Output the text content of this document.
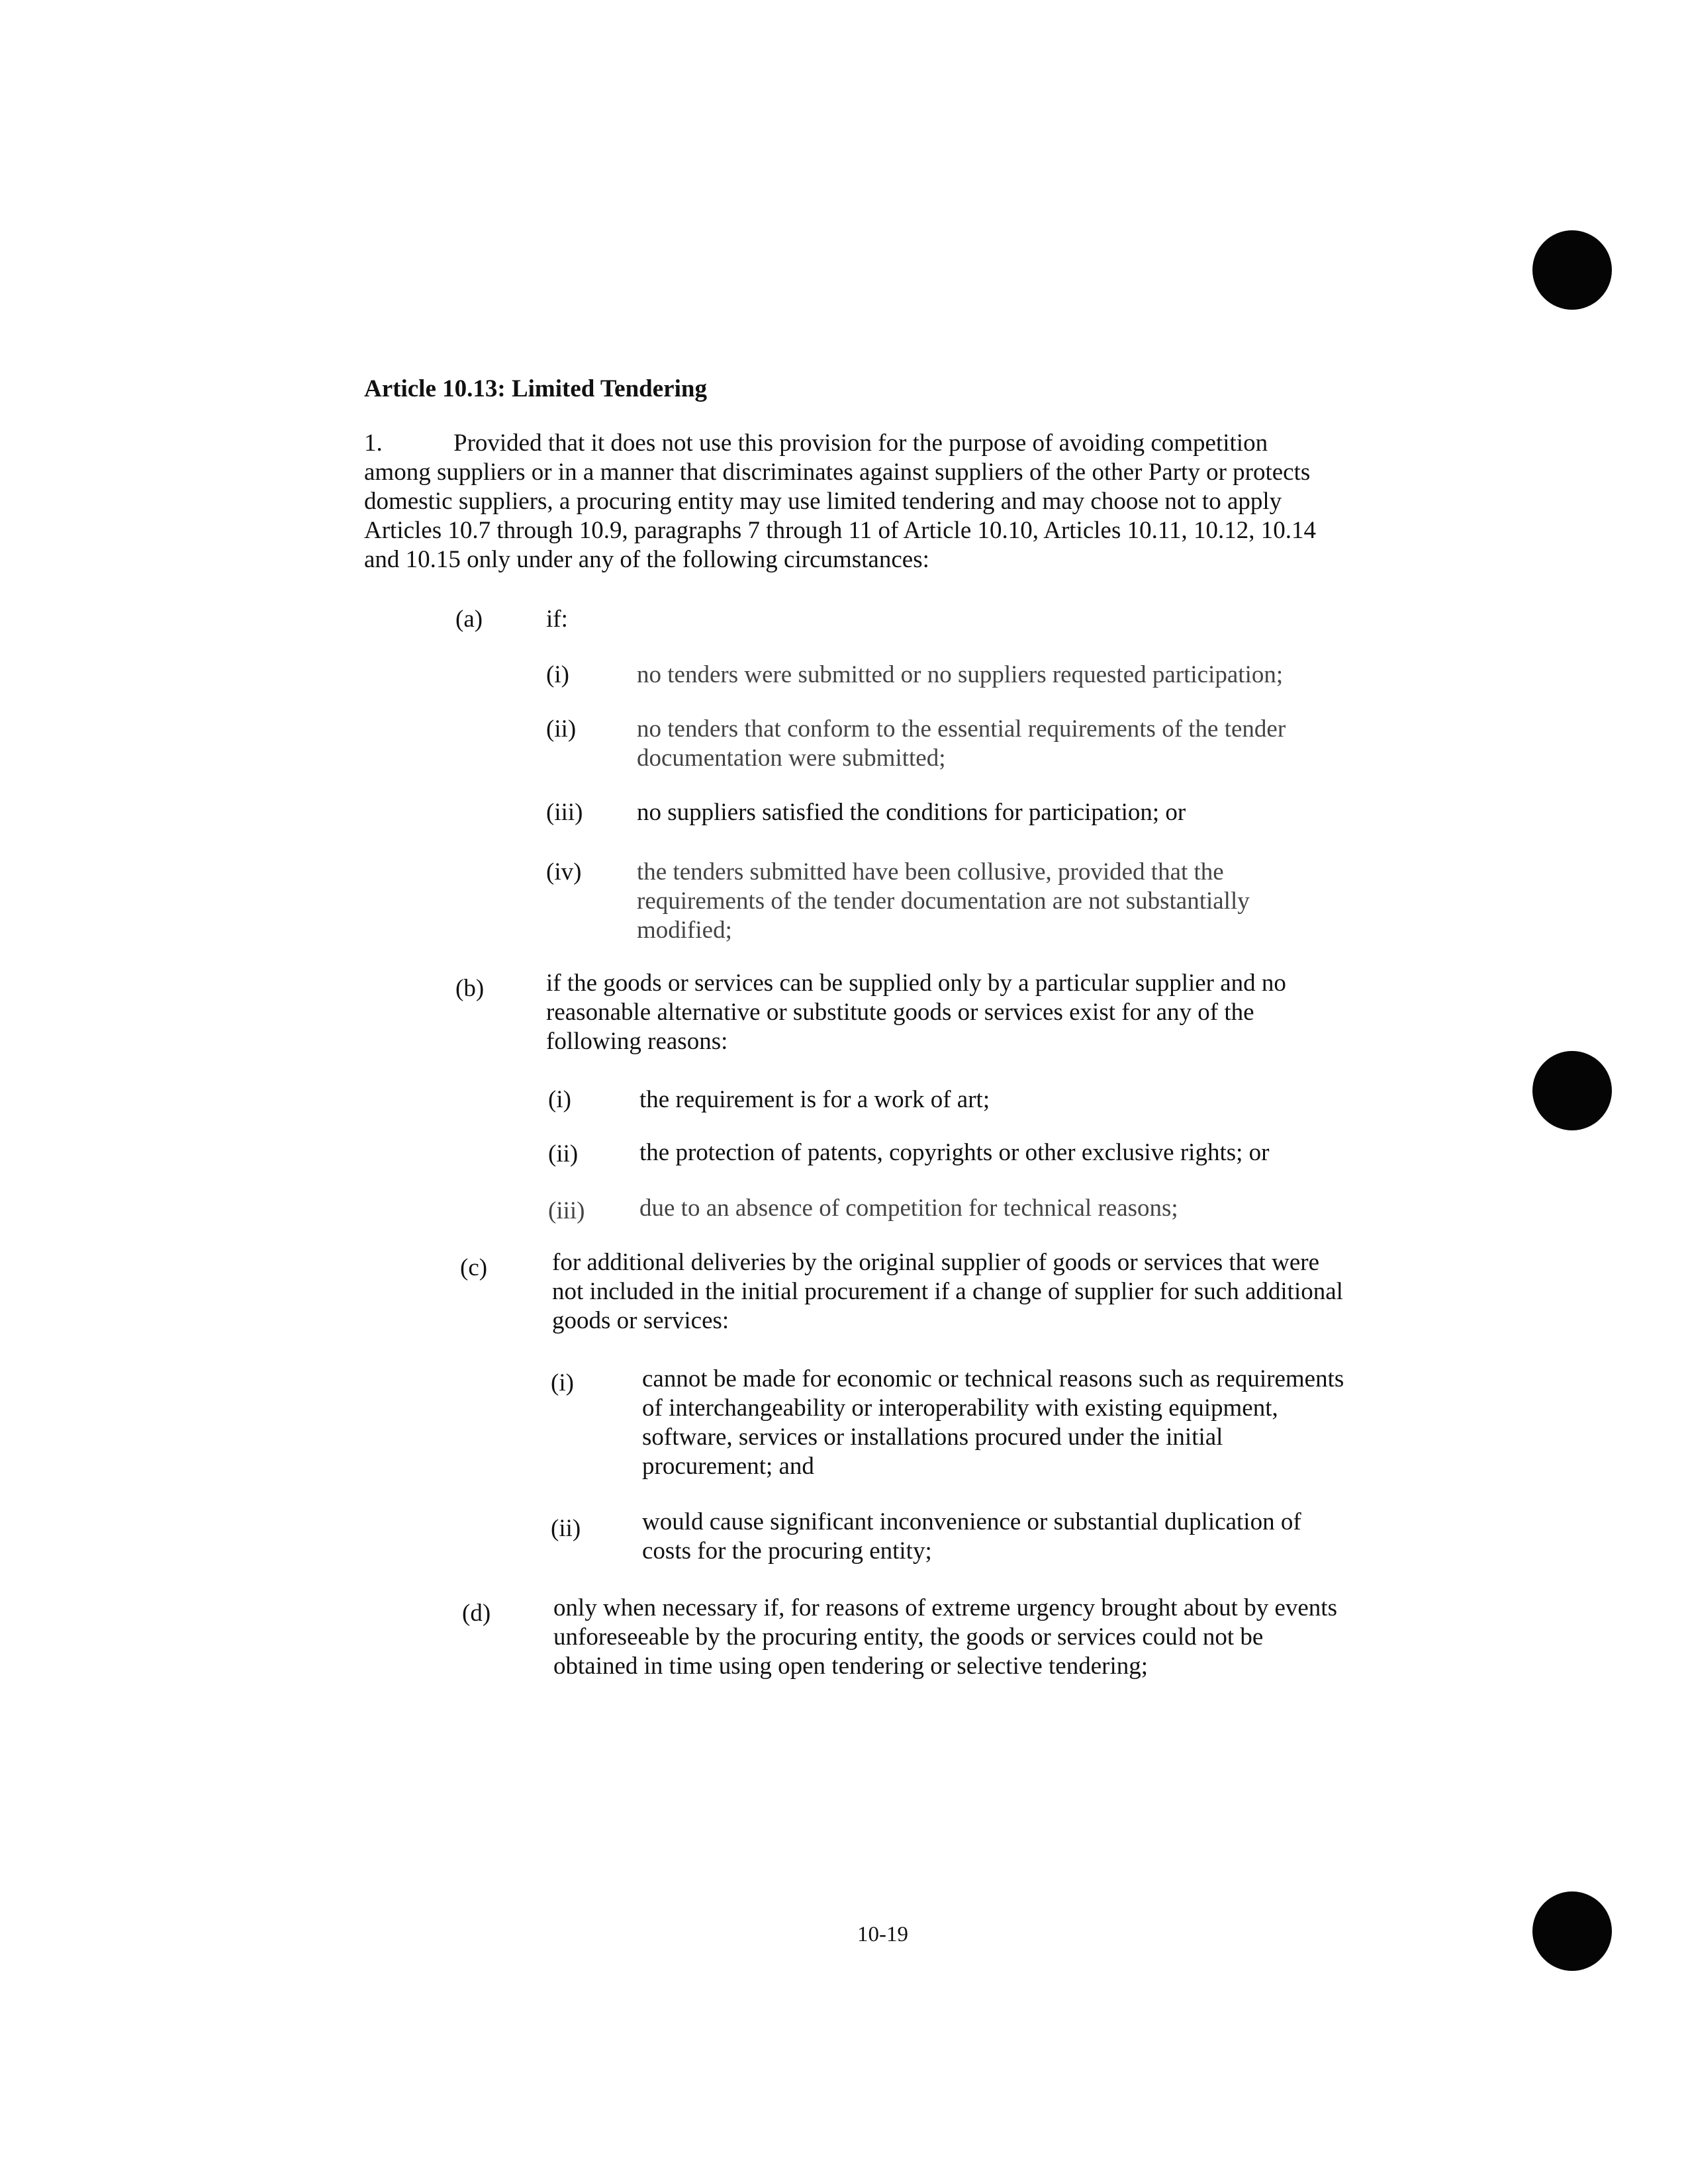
Article 10.13: Limited Tendering
1.	Provided that it does not use this provision for the purpose of avoiding competition
among suppliers or in a manner that discriminates against suppliers of the other Party or protects
domestic suppliers, a procuring entity may use limited tendering and may choose not to apply
Articles 10.7 through 10.9, paragraphs 7 through 11 of Article 10.10, Articles 10.11, 10.12, 10.14
and 10.15 only under any of the following circumstances:
(a)	if:
(i)	no tenders were submitted or no suppliers requested participation;
(ii) no tenders that conform to the essential requirements of the tender
documentation were submitted;
(iii) no suppliers satisfied the conditions for participation; or
(iv) the tenders submitted have been collusive, provided that the
requirements of the tender documentation are not substantially
modified;
(b)	if the goods or services can be supplied only by a particular supplier and no
reasonable alternative or substitute goods or services exist for any of the
following reasons:
(i)	the requirement is for a work of art;
(ii)	the protection of patents, copyrights or other exclusive rights; or
(iii) due to an absence of competition for technical reasons;
(c)	for additional deliveries by the original supplier of goods or services that were
not included in the initial procurement if a change of supplier for such additional
goods or services:
(i)	cannot be made for economic or technical reasons such as requirements
of interchangeability or interoperability with existing equipment,
software, services or installations procured under the initial
procurement; and
(ii)	would cause significant inconvenience or substantial duplication of
costs for the procuring entity;
(d)	only when necessary if, for reasons of extreme urgency brought about by events
unforeseeable by the procuring entity, the goods or services could not be
obtained in time using open tendering or selective tendering;
10-19
